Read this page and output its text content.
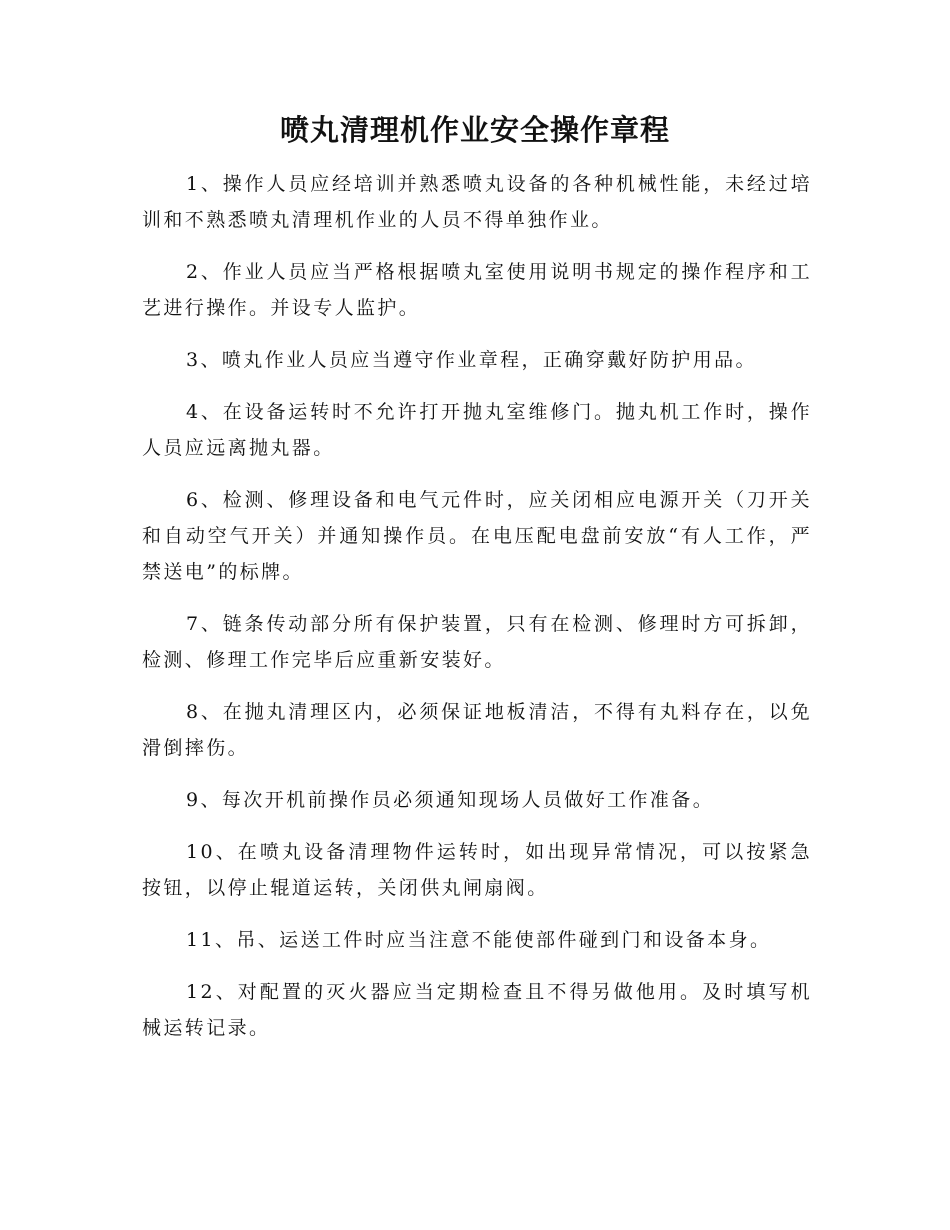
喷丸清理机作业安全操作章程

1、操作人员应经培训并熟悉喷丸设备的各种机械性能，未经过培训和不熟悉喷丸清理机作业的人员不得单独作业。

2、作业人员应当严格根据喷丸室使用说明书规定的操作程序和工艺进行操作。并设专人监护。

3、喷丸作业人员应当遵守作业章程，正确穿戴好防护用品。

4、在设备运转时不允许打开抛丸室维修门。抛丸机工作时，操作人员应远离抛丸器。

6、检测、修理设备和电气元件时，应关闭相应电源开关（刀开关和自动空气开关）并通知操作员。在电压配电盘前安放“有人工作，严禁送电”的标牌。

7、链条传动部分所有保护装置，只有在检测、修理时方可拆卸，检测、修理工作完毕后应重新安装好。

8、在抛丸清理区内，必须保证地板清洁，不得有丸料存在，以免滑倒摔伤。

9、每次开机前操作员必须通知现场人员做好工作准备。

10、在喷丸设备清理物件运转时，如出现异常情况，可以按紧急按钮，以停止辊道运转，关闭供丸闸扇阀。

11、吊、运送工件时应当注意不能使部件碰到门和设备本身。

12、对配置的灭火器应当定期检查且不得另做他用。及时填写机械运转记录。
